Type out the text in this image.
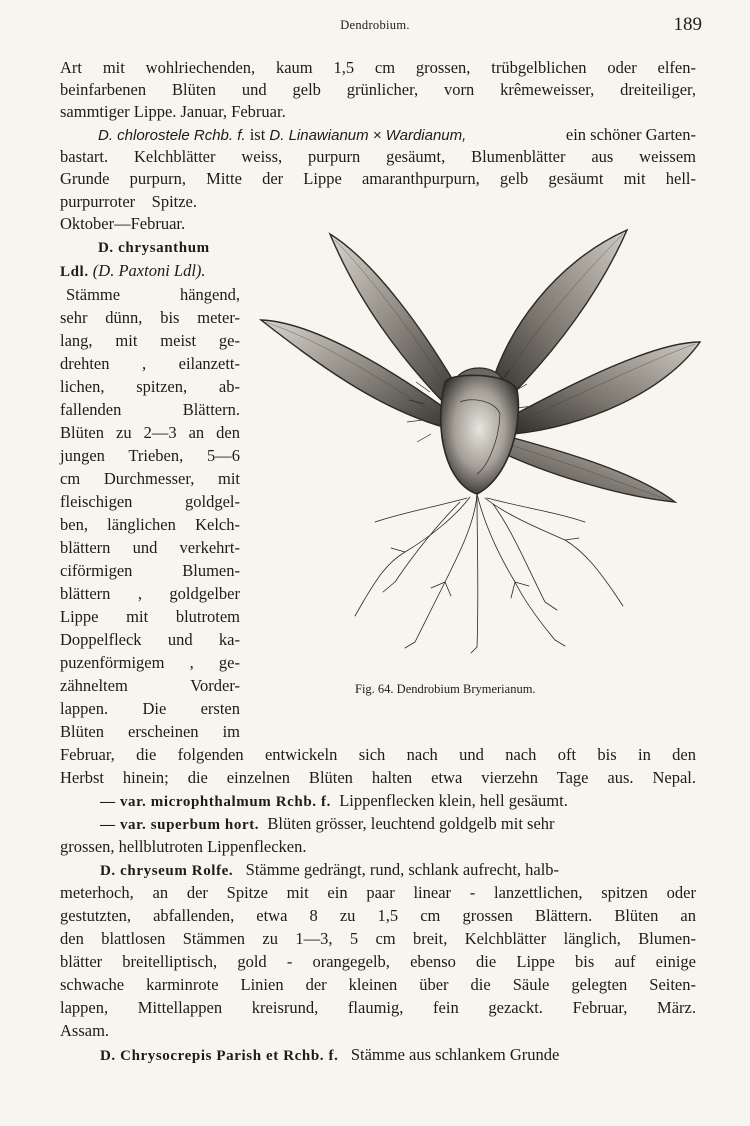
Dendrobium.	189
Art mit wohlriechenden, kaum 1,5 cm grossen, trübgelblichen oder elfen-
beinfarbenen Blüten und gelb grünlicher, vorn krêmeweisser, dreiteiliger,
sammtiger Lippe. Januar, Februar.
D. chlorostele Rchb. f. ist D. Linawianum × Wardianum,	ein schöner Garten-
bastart. Kelchblätter weiss, purpurn gesäumt, Blumenblätter aus weissem
Grunde purpurn, Mitte der Lippe amaranthpurpurn, gelb gesäumt mit hell-
purpurroter    Spitze.
Oktober—Februar.
D. chrysanthum
Ldl. (D. Paxtoni Ldl).
Stämme hängend,
sehr dünn, bis meter-
lang, mit meist ge-
drehten , eilanzett-
lichen, spitzen, ab-
fallenden Blättern.
Blüten zu 2—3 an den
jungen Trieben, 5—6
cm Durchmesser, mit
fleischigen goldgel-
ben, länglichen Kelch-
blättern und verkehrt-
ciförmigen Blumen-
blättern , goldgelber
Lippe mit blutrotem
Doppelfleck und ka-
puzenförmigem , ge-
zähneltem Vorder-
lappen. Die ersten
Blüten erscheinen im
Fig. 64. Dendrobium Brymerianum.
Februar, die folgenden entwickeln sich nach und nach oft bis in den
Herbst hinein; die einzelnen Blüten halten etwa vierzehn Tage aus. Nepal.
— var. microphthalmum Rchb. f.  Lippenflecken klein, hell gesäumt.
— var. superbum hort.  Blüten grösser, leuchtend goldgelb mit sehr
grossen, hellblutroten Lippenflecken.
D. chryseum Rolfe.   Stämme gedrängt, rund, schlank aufrecht, halb-
meterhoch, an der Spitze mit ein paar linear - lanzettlichen, spitzen oder
gestutzten, abfallenden, etwa 8 zu 1,5 cm grossen Blättern. Blüten an
den blattlosen Stämmen zu 1—3, 5 cm breit, Kelchblätter länglich, Blumen-
blätter breitelliptisch, gold - orangegelb, ebenso die Lippe bis auf einige
schwache karminrote Linien der kleinen über die Säule gelegten Seiten-
lappen, Mittellappen kreisrund, flaumig, fein gezackt. Februar, März.
Assam.
D. Chrysocrepis Parish et Rchb. f.   Stämme aus schlankem Grunde
